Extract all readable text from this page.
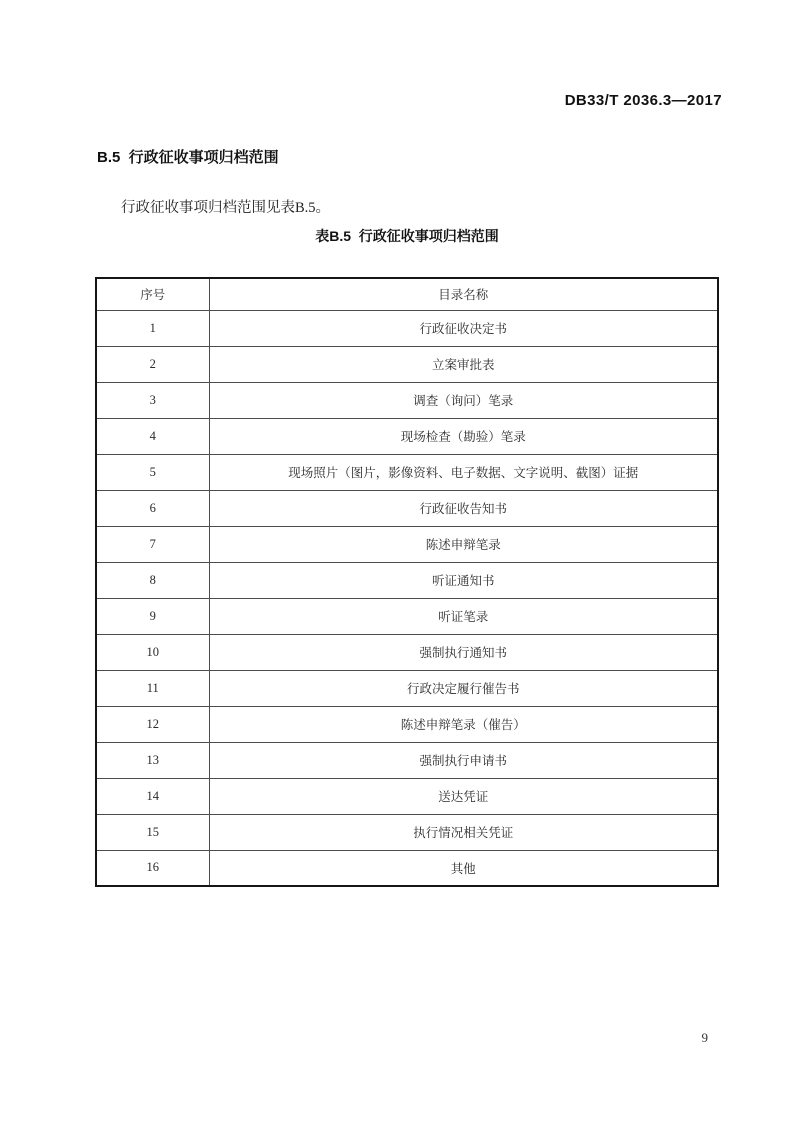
DB33/T 2036.3—2017
B.5  行政征收事项归档范围
行政征收事项归档范围见表B.5。
表B.5  行政征收事项归档范围
序号	目录名称
1	行政征收决定书
2	立案审批表
3	调查（询问）笔录
4	现场检查（勘验）笔录
5	现场照片（图片，影像资料、电子数据、文字说明、截图）证据
6	行政征收告知书
7	陈述申辩笔录
8	听证通知书
9	听证笔录
10	强制执行通知书
11	行政决定履行催告书
12	陈述申辩笔录（催告）
13	强制执行申请书
14	送达凭证
15	执行情况相关凭证
16	其他
9
